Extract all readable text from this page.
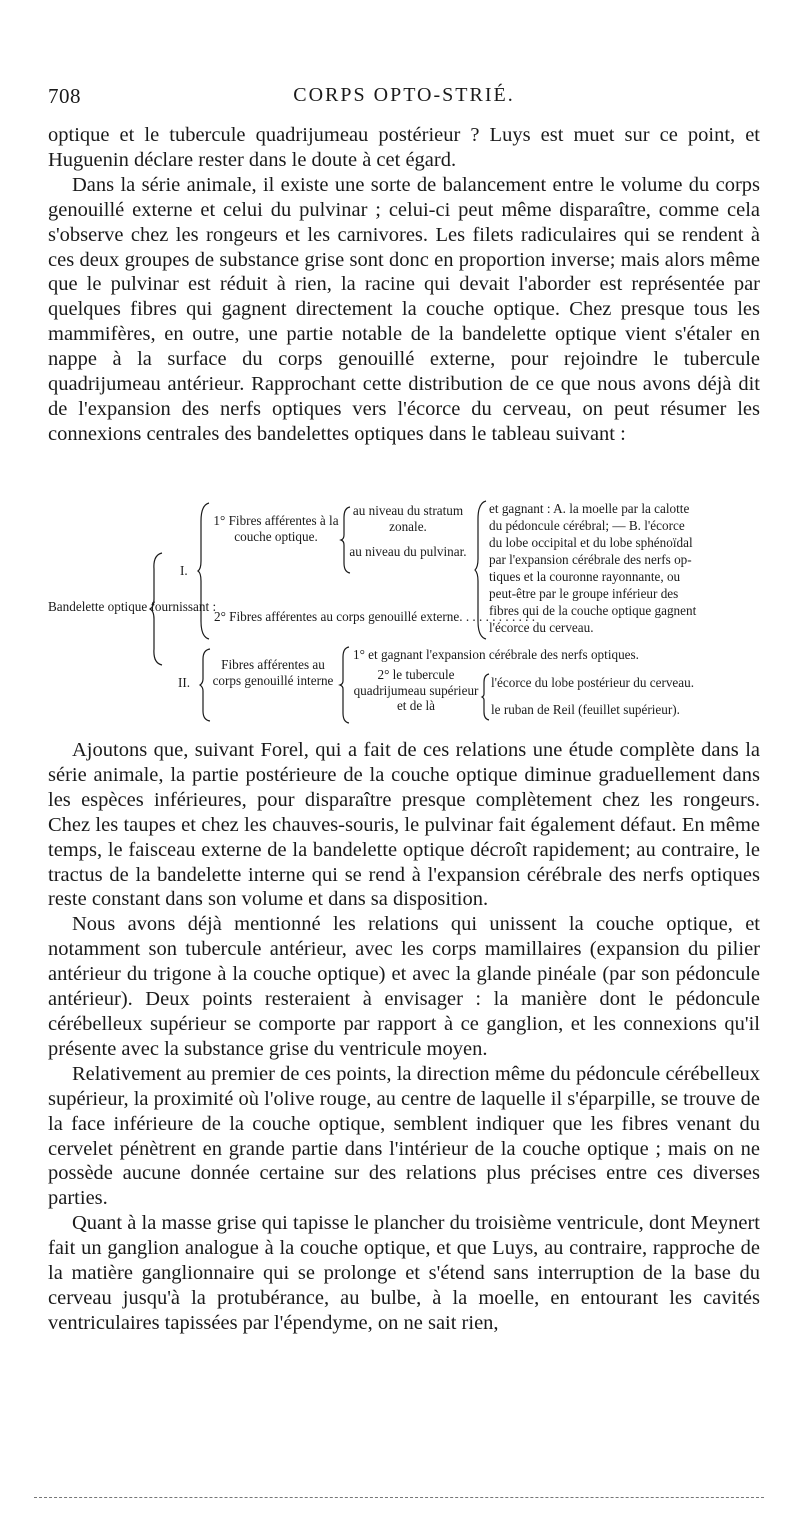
708	CORPS OPTO-STRIÉ.

optique et le tubercule quadrijumeau postérieur ? Luys est muet sur ce point, et Huguenin déclare rester dans le doute à cet égard.

Dans la série animale, il existe une sorte de balancement entre le volume du corps genouillé externe et celui du pulvinar ; celui-ci peut même disparaître, comme cela s'observe chez les rongeurs et les carnivores. Les filets radiculaires qui se rendent à ces deux groupes de substance grise sont donc en proportion inverse; mais alors même que le pulvinar est réduit à rien, la racine qui devait l'aborder est représentée par quelques fibres qui gagnent directement la couche optique. Chez presque tous les mammifères, en outre, une partie notable de la bandelette optique vient s'étaler en nappe à la surface du corps genouillé externe, pour rejoindre le tubercule quadrijumeau antérieur. Rapprochant cette distribution de ce que nous avons déjà dit de l'expansion des nerfs optiques vers l'écorce du cerveau, on peut résumer les connexions centrales des bandelettes optiques dans le tableau suivant :

Bandelette optique fournissant :
I.
1° Fibres afférentes à la couche optique.
au niveau du stratum zonale.
au niveau du pulvinar.
2° Fibres afférentes au corps genouillé externe. . . . . . . . . . . .
et gagnant : A. la moelle par la calotte
du pédoncule cérébral; — B. l'écorce
du lobe occipital et du lobe sphénoïdal
par l'expansion cérébrale des nerfs op-
tiques et la couronne rayonnante, ou
peut-être par le groupe inférieur des
fibres qui de la couche optique gagnent
l'écorce du cerveau.
II.
Fibres afférentes au corps genouillé interne
1° et gagnant l'expansion cérébrale des nerfs optiques.
2° le tubercule quadrijumeau supérieur et de là
l'écorce du lobe postérieur du cerveau.
le ruban de Reil (feuillet supérieur).

Ajoutons que, suivant Forel, qui a fait de ces relations une étude complète dans la série animale, la partie postérieure de la couche optique diminue graduellement dans les espèces inférieures, pour disparaître presque complètement chez les rongeurs. Chez les taupes et chez les chauves-souris, le pulvinar fait également défaut. En même temps, le faisceau externe de la bandelette optique décroît rapidement; au contraire, le tractus de la bandelette interne qui se rend à l'expansion cérébrale des nerfs optiques reste constant dans son volume et dans sa disposition.

Nous avons déjà mentionné les relations qui unissent la couche optique, et notamment son tubercule antérieur, avec les corps mamillaires (expansion du pilier antérieur du trigone à la couche optique) et avec la glande pinéale (par son pédoncule antérieur). Deux points resteraient à envisager : la manière dont le pédoncule cérébelleux supérieur se comporte par rapport à ce ganglion, et les connexions qu'il présente avec la substance grise du ventricule moyen.

Relativement au premier de ces points, la direction même du pédoncule cérébelleux supérieur, la proximité où l'olive rouge, au centre de laquelle il s'éparpille, se trouve de la face inférieure de la couche optique, semblent indiquer que les fibres venant du cervelet pénètrent en grande partie dans l'intérieur de la couche optique ; mais on ne possède aucune donnée certaine sur des relations plus précises entre ces diverses parties.

Quant à la masse grise qui tapisse le plancher du troisième ventricule, dont Meynert fait un ganglion analogue à la couche optique, et que Luys, au contraire, rapproche de la matière ganglionnaire qui se prolonge et s'étend sans interruption de la base du cerveau jusqu'à la protubérance, au bulbe, à la moelle, en entourant les cavités ventriculaires tapissées par l'épendyme, on ne sait rien,
